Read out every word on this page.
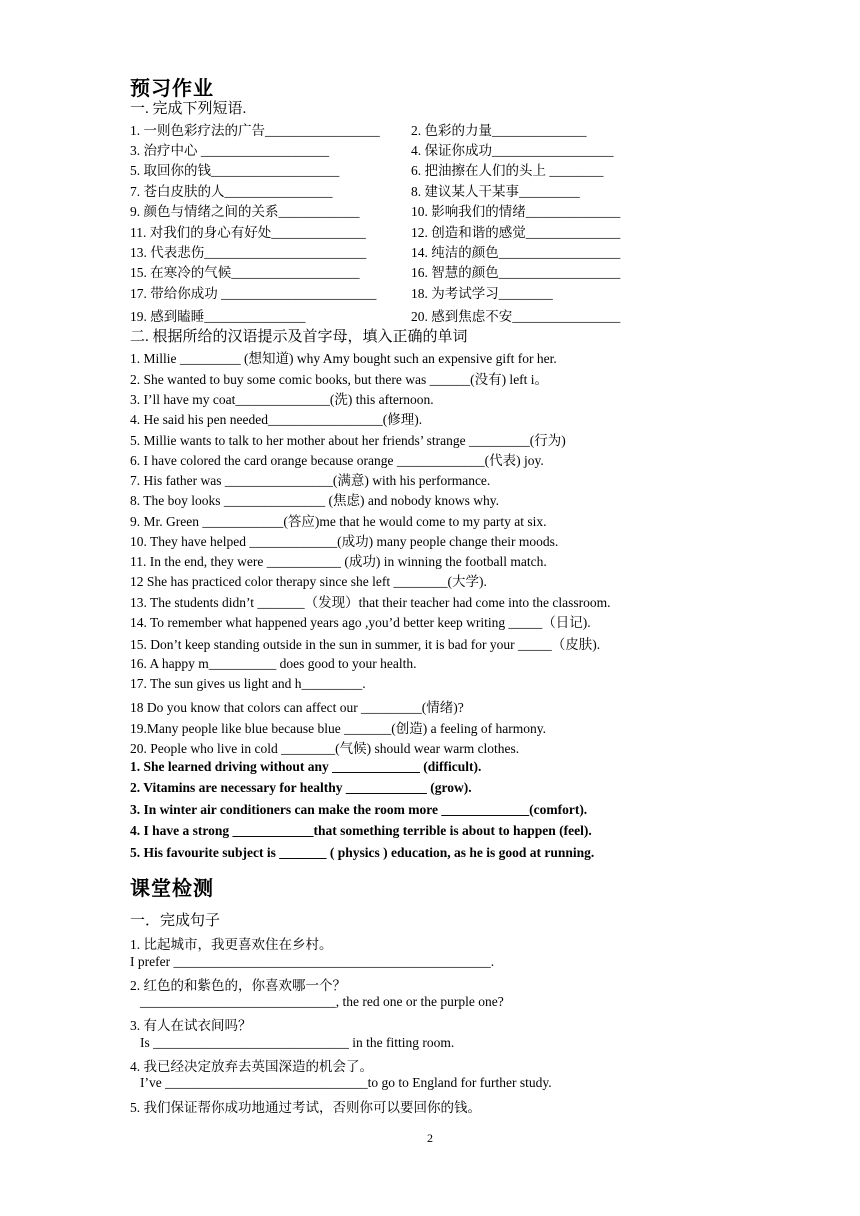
预习作业
一. 完成下列短语.
1. 一则色彩疗法的广告_________________ 2. 色彩的力量______________
3. 治疗中心 ___________________	4. 保证你成功__________________
5. 取回你的钱___________________	6. 把油擦在人们的头上 ________
7. 苍白皮肤的人________________	8. 建议某人干某事_________
9. 颜色与情绪之间的关系____________	10. 影响我们的情绪______________
11. 对我们的身心有好处______________	12. 创造和谐的感觉______________
13. 代表悲伤________________________	14. 纯洁的颜色__________________
15. 在寒冷的气候___________________	16. 智慧的颜色__________________
17. 带给你成功 _______________________	18. 为考试学习________
19. 感到瞌睡_______________	20. 感到焦虑不安________________
二. 根据所给的汉语提示及首字母，填入正确的单词
1. Millie _________ (想知道) why Amy bought such an expensive gift for her.
2. She wanted to buy some comic books, but there was ______(没有) left i。
3. I’ll have my coat______________(洗) this afternoon.
4. He said his pen needed_________________(修理).
5. Millie wants to talk to her mother about her friends’ strange _________(行为)
6. I have colored the card orange because orange _____________(代表) joy.
7. His father was ________________(满意) with his performance.
8. The boy looks _______________ (焦虑) and nobody knows why.
9. Mr. Green ____________(答应)me that he would come to my party at six.
10. They have helped _____________(成功) many people change their moods.
11. In the end, they were ___________ (成功) in winning the football match.
12 She has practiced color therapy since she left ________(大学).
13. The students didn’t _______（发现）that their teacher had come into the classroom.
14. To remember what happened years ago ,you’d better keep writing _____（日记).
15. Don’t keep standing outside in the sun in summer, it is bad for your _____（皮肤).
16. A happy m__________ does good to your health.
17. The sun gives us light and h_________.
18 Do you know that colors can affect our _________(情绪)?
19.Many people like blue because blue _______(创造) a feeling of harmony.
20. People who live in cold ________(气候) should wear warm clothes.
1. She learned driving without any _____________ (difficult).
2. Vitamins are necessary for healthy ____________ (grow).
3. In winter air conditioners can make the room more _____________(comfort).
4. I have a strong ____________that something terrible is about to happen (feel).
5. His favourite subject is _______ ( physics ) education, as he is good at running.
课堂检测
一．完成句子
1. 比起城市，我更喜欢住在乡村。
I prefer _______________________________________________.
2. 红色的和紫色的，你喜欢哪一个？
_____________________________, the red one or the purple one?
3. 有人在试衣间吗？
Is _____________________________ in the fitting room.
4. 我已经决定放弃去英国深造的机会了。
I’ve ______________________________to go to England for further study.
5. 我们保证帮你成功地通过考试，否则你可以要回你的钱。
2
